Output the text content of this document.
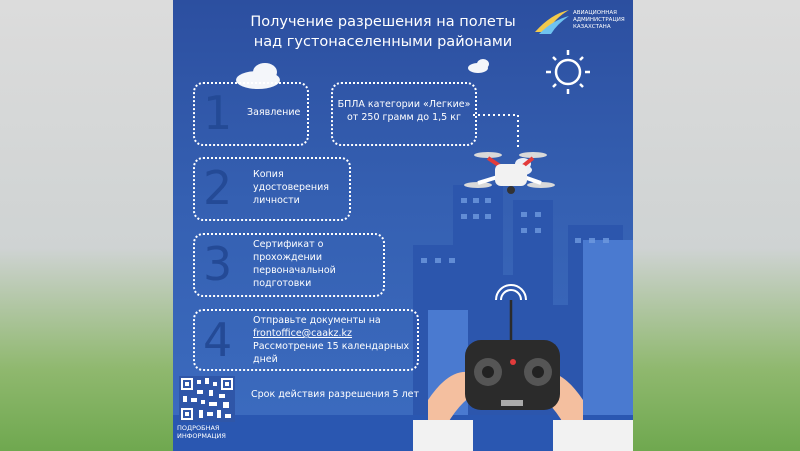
Получение разрешения на полеты
над густонаселенными районами
АВИАЦИОННАЯ
АДМИНИСТРАЦИЯ
КАЗАХСТАНА
1 Заявление
БПЛА категории «Легкие»
от 250 грамм до 1,5 кг
2 Копия
удостоверения
личности
3 Сертификат о
прохождении
первоначальной
подготовки
4 Отправьте документы на
frontoffice@caakz.kz
Рассмотрение 15 календарных
дней
ПОДРОБНАЯ
ИНФОРМАЦИЯ
Срок действия разрешения 5 лет
